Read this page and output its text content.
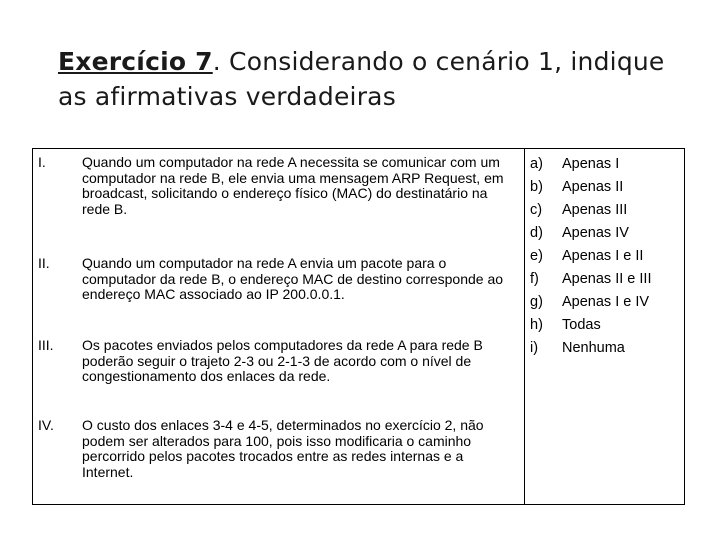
Exercício 7. Considerando o cenário 1, indique as afirmativas verdadeiras
I.	Quando um computador na rede A necessita se comunicar com um computador na rede B, ele envia uma mensagem ARP Request, em broadcast, solicitando o endereço físico (MAC) do destinatário na rede B.
II.	Quando um computador na rede A envia um pacote para o computador da rede B, o endereço MAC de destino corresponde ao endereço MAC associado ao IP 200.0.0.1.
III.	Os pacotes enviados pelos computadores da rede A para rede B poderão seguir o trajeto 2-3 ou 2-1-3 de acordo com o nível de congestionamento dos enlaces da rede.
IV.	O custo dos enlaces 3-4 e 4-5, determinados no exercício 2, não podem ser alterados para 100, pois isso modificaria o caminho percorrido pelos pacotes trocados entre as redes internas e a Internet.
a)	Apenas I
b)	Apenas II
c)	Apenas III
d)	Apenas IV
e)	Apenas I e II
f)	Apenas II e III
g)	Apenas I e IV
h)	Todas
i)	Nenhuma
